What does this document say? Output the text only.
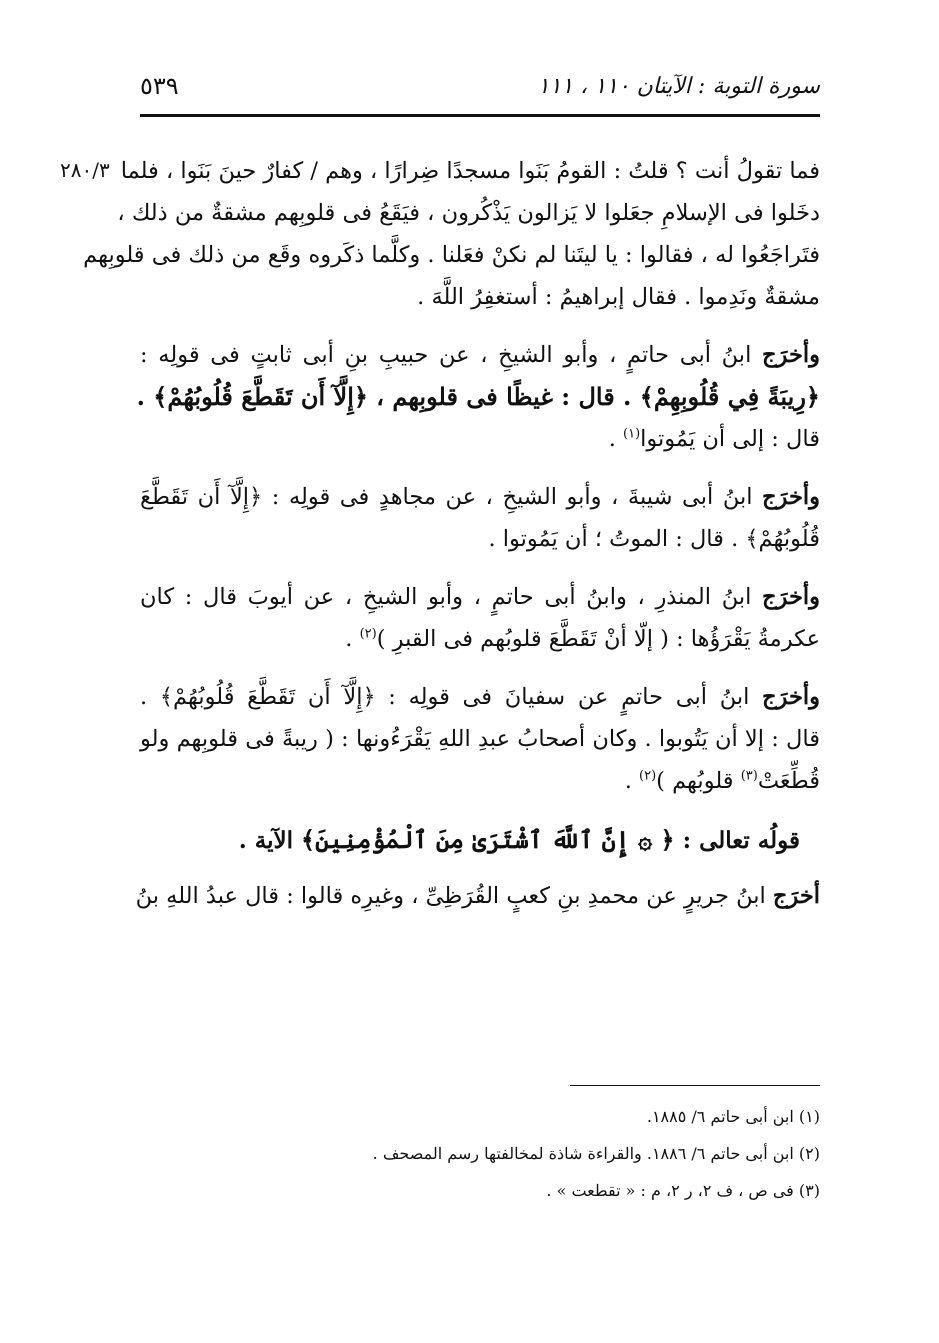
سورة التوبة : الآيتان ١١٠ ، ١١١
٥٣٩
٢٨٠/٣ فما تقولُ أنت ؟ قلتُ : القومُ بَنَوا مسجدًا ضِرارًا ، وهم / كفارٌ حينَ بَنَوا ، فلما
دخَلوا فى الإسلامِ جعَلوا لا يَزالون يَذْكُرون ، فيَقَعُ فى قلوبِهم مشقةٌ من ذلك ،
فتَراجَعُوا له ، فقالوا : يا ليتَنا لم نكنْ فعَلنا . وكلَّما ذكَروه وقَع من ذلك فى قلوبِهم
مشقةٌ ونَدِموا . فقال إبراهيمُ : أستغفِرُ اللَّهَ .

وأخرَج ابنُ أبى حاتمٍ ، وأبو الشيخِ ، عن حبيبِ بنِ أبى ثابتٍ فى قولِه :
﴿رِيبَةً فِي قُلُوبِهِمْ﴾ . قال : غيظًا فى قلوبِهم ، ﴿إِلَّآ أَن تَقَطَّعَ قُلُوبُهُمْ﴾ .
قال : إلى أن يَمُوتوا$^{(١)}$ .

وأخرَج ابنُ أبى شيبةَ ، وأبو الشيخِ ، عن مجاهدٍ فى قولِه : ﴿إِلَّآ أَن تَقَطَّعَ
قُلُوبُهُمْ﴾ . قال : الموتُ ؛ أن يَمُوتوا .

وأخرَج ابنُ المنذرِ ، وابنُ أبى حاتمٍ ، وأبو الشيخِ ، عن أيوبَ قال : كان
عكرمةُ يَقْرَؤُها : ( إلّا أنْ تَقَطَّعَ قلوبُهم فى القبرِ )$^{(٢)}$ .

وأخرَج ابنُ أبى حاتمٍ عن سفيانَ فى قولِه : ﴿إِلَّآ أَن تَقَطَّعَ قُلُوبُهُمْ﴾ .
قال : إلا أن يَتُوبوا . وكان أصحابُ عبدِ اللهِ يَقْرَءُونها : ( ريبةً فى قلوبِهم ولو
قُطِّعَتْ$^{(٣)}$ قلوبُهم )$^{(٢)}$ .

قولُه تعالى : ﴿ ۞ إِنَّ ٱللَّهَ ٱشْتَرَىٰ مِنَ ٱلْمُؤْمِنِينَ﴾ الآية .

أخرَج ابنُ جريرٍ عن محمدِ بنِ كعبٍ القُرَظِىِّ ، وغيرِه قالوا : قال عبدُ اللهِ بنُ

(١) ابن أبى حاتم ٦/ ١٨٨٥.
(٢) ابن أبى حاتم ٦/ ١٨٨٦. والقراءة شاذة لمخالفتها رسم المصحف .
(٣) فى ص ، ف ٢، ر ٢، م : « تقطعت » .
